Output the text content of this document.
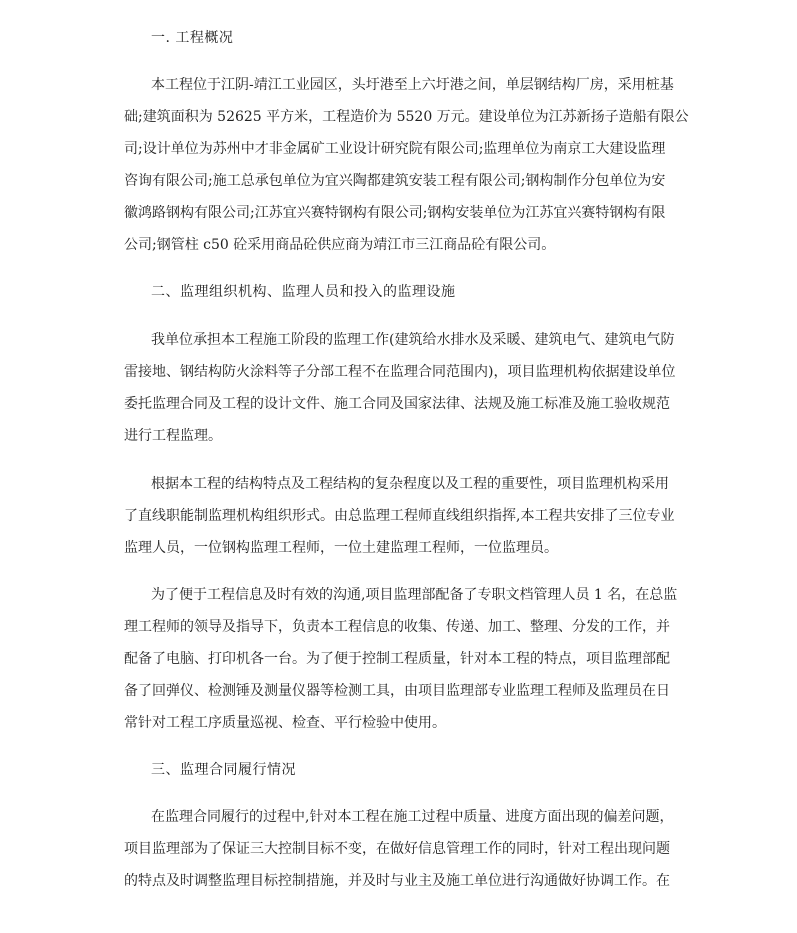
一. 工程概况
本工程位于江阴-靖江工业园区，头圩港至上六圩港之间，单层钢结构厂房，采用桩基
础;建筑面积为 52625 平方米，工程造价为 5520 万元。建设单位为江苏新扬子造船有限公
司;设计单位为苏州中才非金属矿工业设计研究院有限公司;监理单位为南京工大建设监理
咨询有限公司;施工总承包单位为宜兴陶都建筑安装工程有限公司;钢构制作分包单位为安
徽鸿路钢构有限公司;江苏宜兴赛特钢构有限公司;钢构安装单位为江苏宜兴赛特钢构有限
公司;钢管柱 c50 砼采用商品砼供应商为靖江市三江商品砼有限公司。
二、监理组织机构、监理人员和投入的监理设施
我单位承担本工程施工阶段的监理工作(建筑给水排水及采暖、建筑电气、建筑电气防
雷接地、钢结构防火涂料等子分部工程不在监理合同范围内)，项目监理机构依据建设单位
委托监理合同及工程的设计文件、施工合同及国家法律、法规及施工标准及施工验收规范
进行工程监理。
根据本工程的结构特点及工程结构的复杂程度以及工程的重要性，项目监理机构采用
了直线职能制监理机构组织形式。由总监理工程师直线组织指挥,本工程共安排了三位专业
监理人员，一位钢构监理工程师，一位土建监理工程师，一位监理员。
为了便于工程信息及时有效的沟通,项目监理部配备了专职文档管理人员 1 名，在总监
理工程师的领导及指导下，负责本工程信息的收集、传递、加工、整理、分发的工作，并
配备了电脑、打印机各一台。为了便于控制工程质量，针对本工程的特点，项目监理部配
备了回弹仪、检测锤及测量仪器等检测工具，由项目监理部专业监理工程师及监理员在日
常针对工程工序质量巡视、检查、平行检验中使用。
三、监理合同履行情况
在监理合同履行的过程中,针对本工程在施工过程中质量、进度方面出现的偏差问题，
项目监理部为了保证三大控制目标不变，在做好信息管理工作的同时，针对工程出现问题
的特点及时调整监理目标控制措施，并及时与业主及施工单位进行沟通做好协调工作。在
